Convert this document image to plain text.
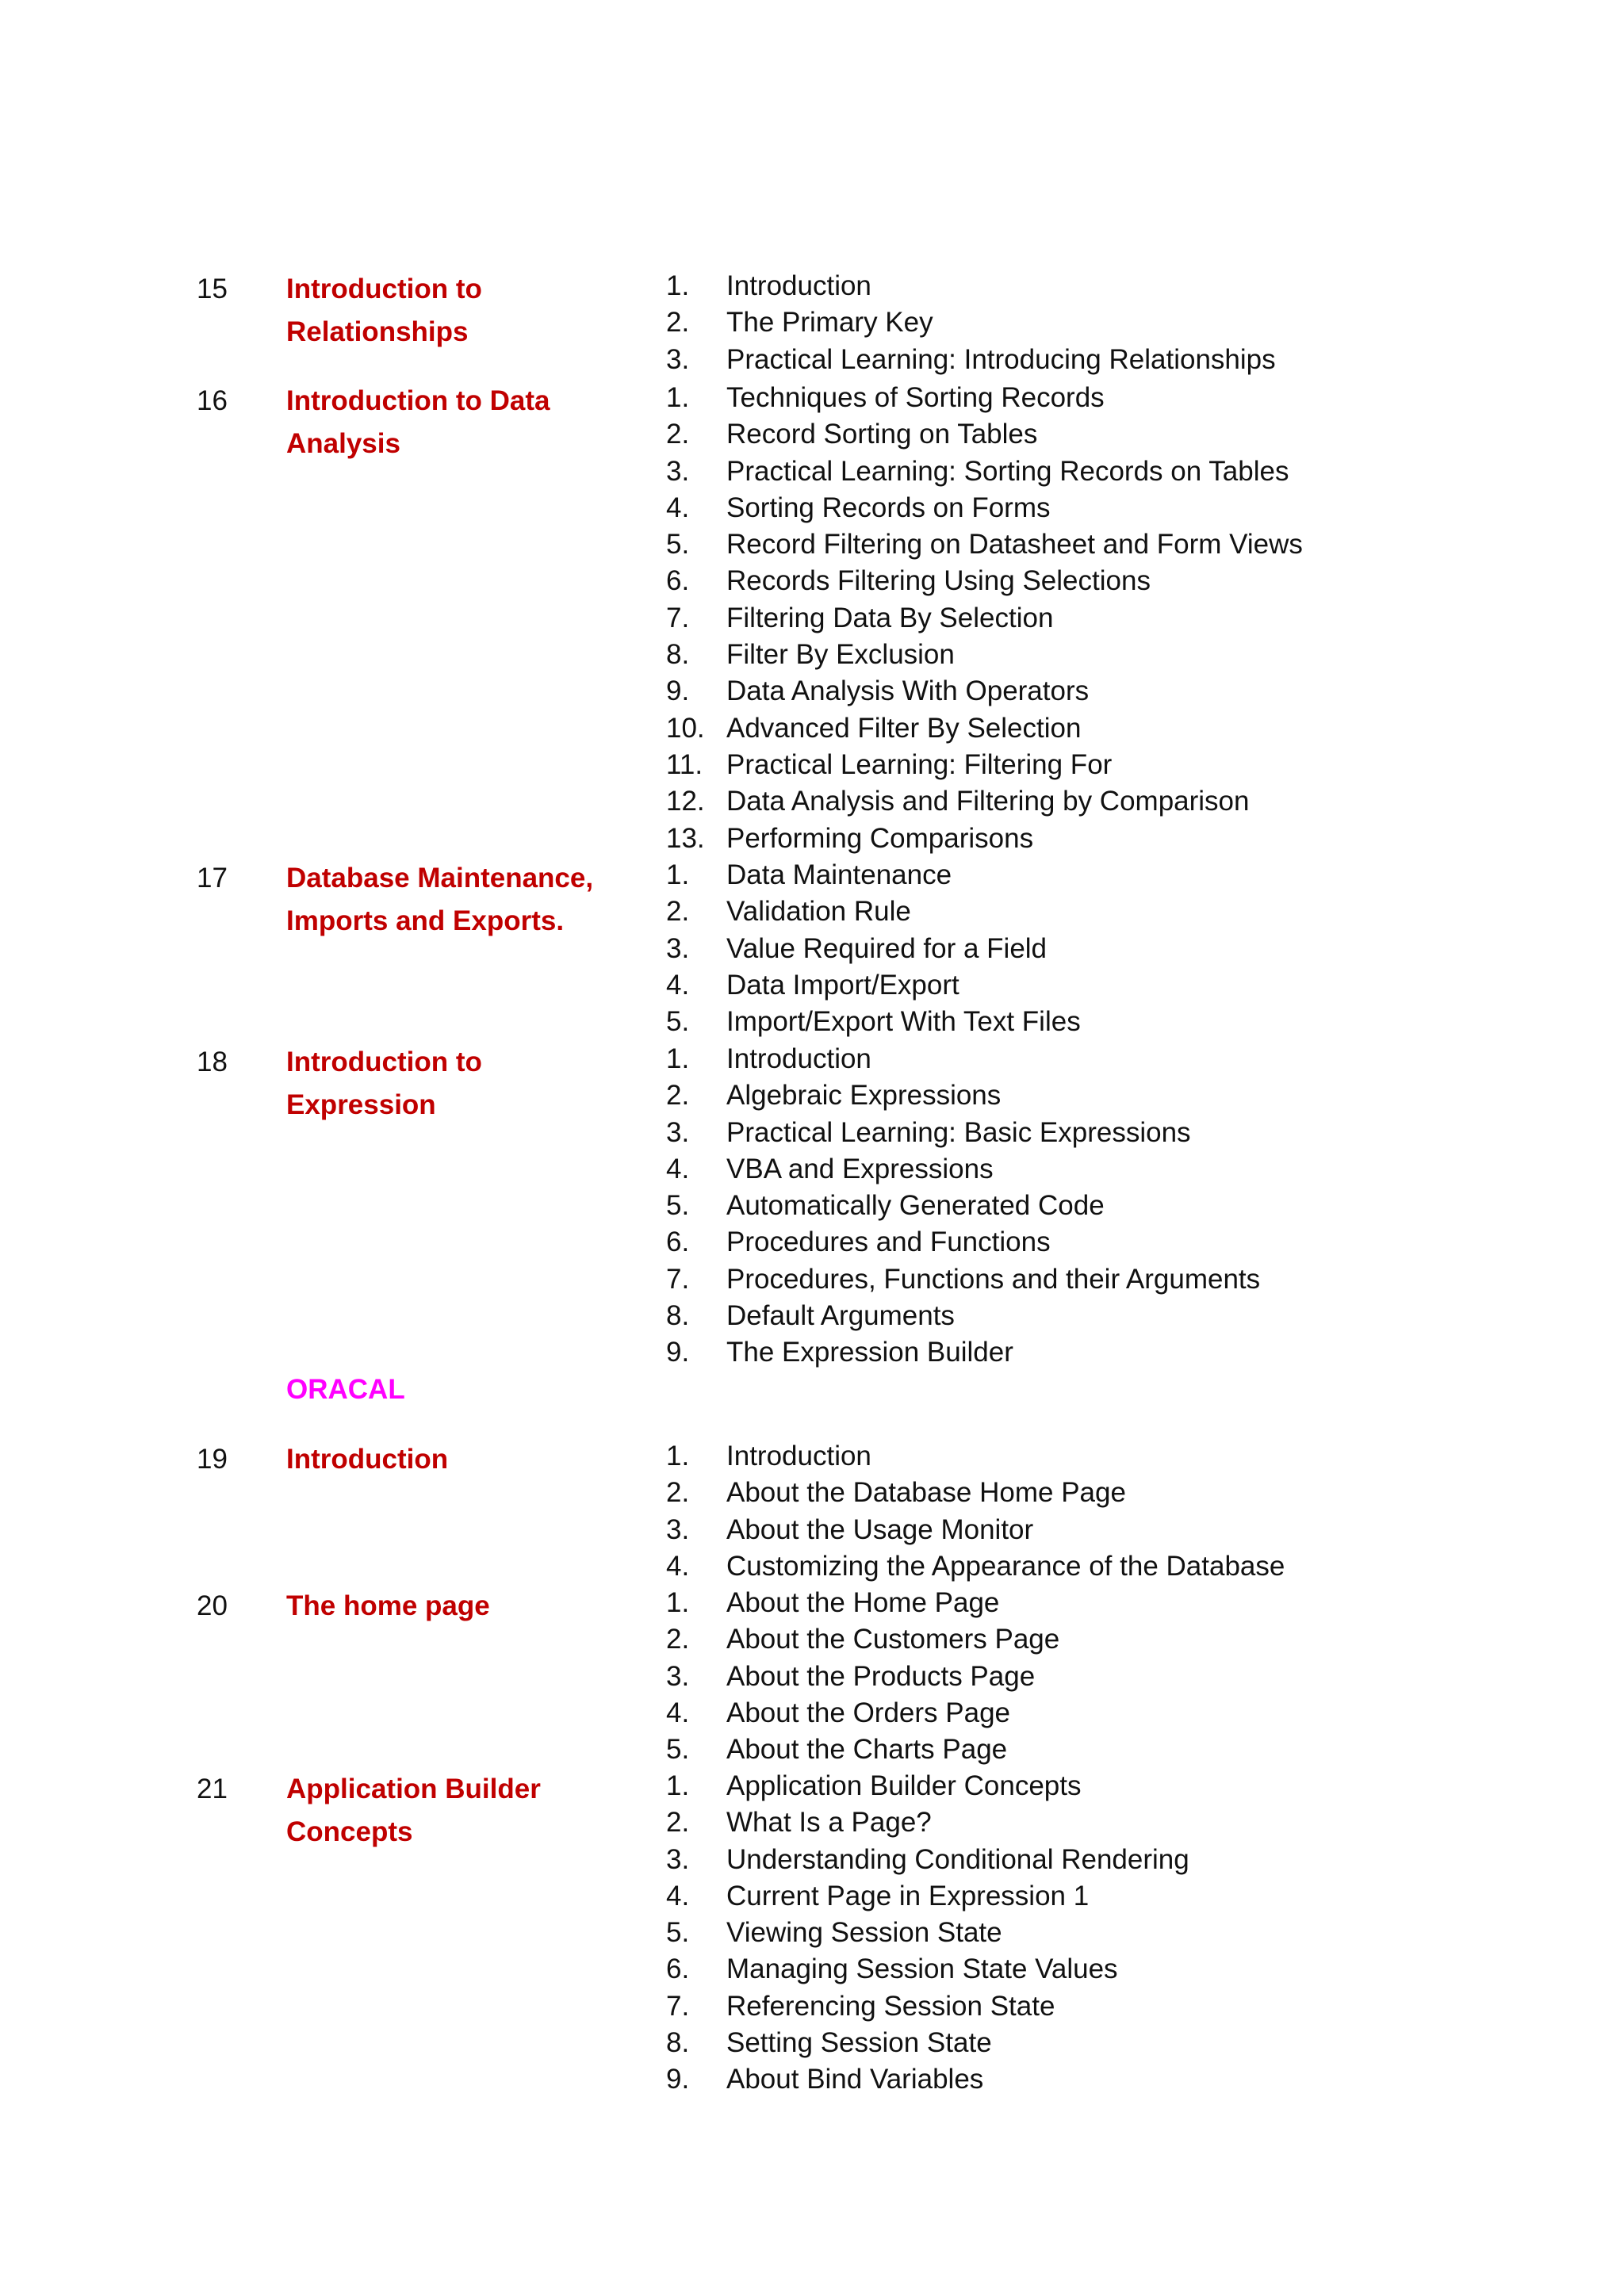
15 Introduction to Relationships
1.	Introduction
2.	The Primary Key
3.	Practical Learning: Introducing Relationships
16 Introduction to Data Analysis
1.	Techniques of Sorting Records
2.	Record Sorting on Tables
3.	Practical Learning: Sorting Records on Tables
4.	Sorting Records on Forms
5.	Record Filtering on Datasheet and Form Views
6.	Records Filtering Using Selections
7.	Filtering Data By Selection
8.	Filter By Exclusion
9.	Data Analysis With Operators
10. Advanced Filter By Selection
11. Practical Learning: Filtering For
12. Data Analysis and Filtering by Comparison
13. Performing Comparisons
17 Database Maintenance, Imports and Exports.
1.	Data Maintenance
2.	Validation Rule
3.	Value Required for a Field
4.	Data Import/Export
5.	Import/Export With Text Files
18 Introduction to Expression
1.	Introduction
2.	Algebraic Expressions
3.	Practical Learning: Basic Expressions
4.	VBA and Expressions
5.	Automatically Generated Code
6.	Procedures and Functions
7.	Procedures, Functions and their Arguments
8.	Default Arguments
9.	The Expression Builder
ORACAL
19 Introduction	1.	Introduction
2.	About the Database Home Page
3.	About the Usage Monitor
4.	Customizing the Appearance of the Database
20 The home page	1.	About the Home Page
2.	About the Customers Page
3.	About the Products Page
4.	About the Orders Page
5.	About the Charts Page
21 Application Builder Concepts
1.	Application Builder Concepts
2.	What Is a Page?
3.	Understanding Conditional Rendering
4.	Current Page in Expression 1
5.	Viewing Session State
6.	Managing Session State Values
7.	Referencing Session State
8.	Setting Session State
9.	About Bind Variables
